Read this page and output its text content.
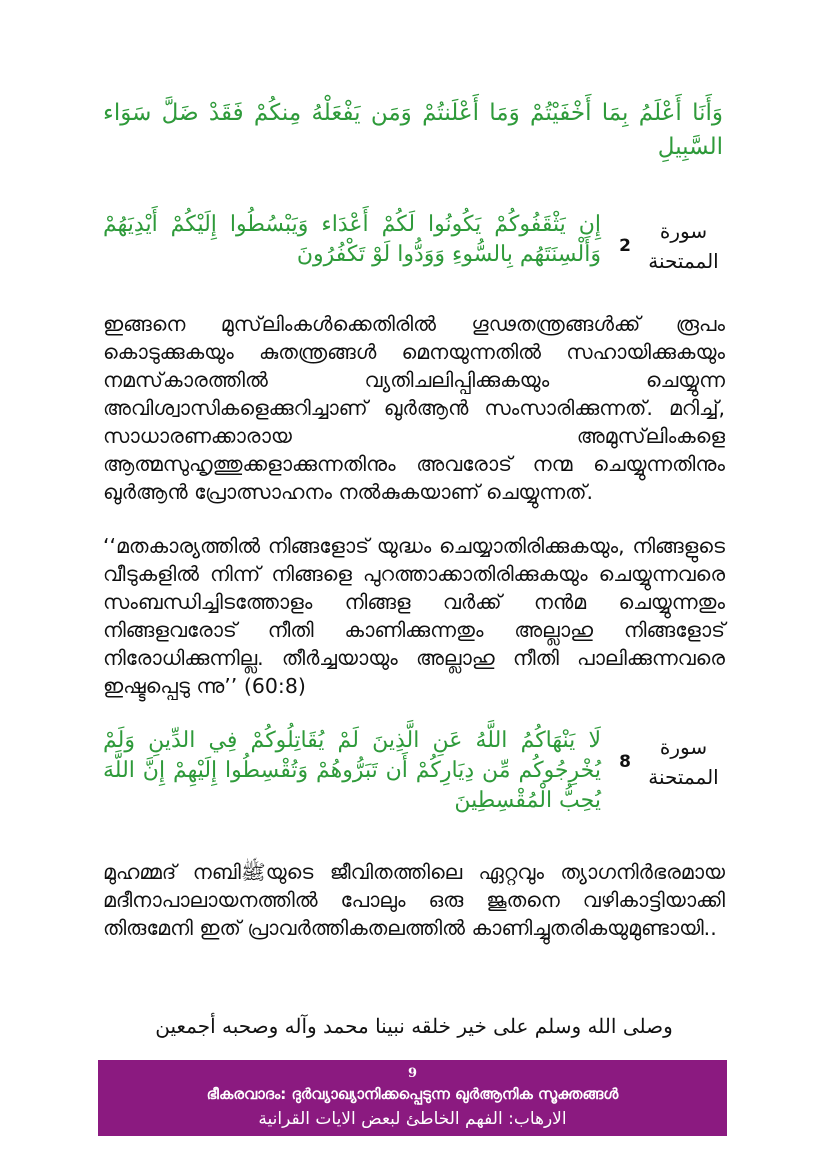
وَأَنَا أَعْلَمُ بِمَا أَخْفَيْتُمْ وَمَا أَعْلَنتُمْ وَمَن يَفْعَلْهُ مِنكُمْ فَقَدْ ضَلَّ سَوَاء السَّبِيلِ
إِن يَثْقَفُوكُمْ يَكُونُوا لَكُمْ أَعْدَاء وَيَبْسُطُوا إِلَيْكُمْ أَيْدِيَهُمْ وَأَلْسِنَتَهُم بِالسُّوءِ وَوَدُّوا لَوْ تَكْفُرُونَ 2
سورة الممتحنة
ഇങ്ങനെ മുസ്‌ലിംകൾക്കെതിരിൽ ഗൂഢതന്ത്രങ്ങൾക്ക് രൂപം കൊടുക്കുകയും കുതന്ത്രങ്ങൾ മെനയുന്നതിൽ സഹായിക്കുകയും നമസ്‌കാരത്തിൽ വ്യതിചലിപ്പിക്കുകയും ചെയ്യുന്ന അവിശ്വാസികളെക്കുറിച്ചാണ് ഖുർആൻ സംസാരിക്കുന്നത്. മറിച്ച്, സാധാരണക്കാരായ അമുസ്‌ലിംകളെ ആത്മസുഹൃത്തുക്കളാക്കുന്നതിനും അവരോട് നന്മ ചെയ്യുന്നതിനും ഖുർആൻ പ്രോത്സാഹനം നൽകുകയാണ് ചെയ്യുന്നത്.
‘‘മതകാര്യത്തിൽ നിങ്ങളോട് യുദ്ധം ചെയ്യാതിരിക്കുകയും, നിങ്ങളുടെ വീടുകളിൽ നിന്ന് നിങ്ങളെ പുറത്താക്കാതിരിക്കുകയും ചെയ്യുന്നവരെ സംബന്ധിച്ചിടത്തോളം നിങ്ങള വർക്ക് നൻമ ചെയ്യുന്നതും നിങ്ങളവരോട് നീതി കാണിക്കുന്നതും അല്ലാഹു നിങ്ങളോട് നിരോധിക്കുന്നില്ല. തീർച്ചയായും അല്ലാഹു നീതി പാലിക്കുന്നവരെ ഇഷ്ടപ്പെടു ന്നു’’ (60:8)
لَا يَنْهَاكُمُ اللَّهُ عَنِ الَّذِينَ لَمْ يُقَاتِلُوكُمْ فِي الدِّينِ وَلَمْ يُخْرِجُوكُم مِّن دِيَارِكُمْ أَن تَبَرُّوهُمْ وَتُقْسِطُوا إِلَيْهِمْ إِنَّ اللَّهَ يُحِبُّ الْمُقْسِطِينَ
8
سورة الممتحنة
മുഹമ്മദ് നബിﷺയുടെ ജീവിതത്തിലെ ഏറ്റവും ത്യാഗനിർഭരമായ മദീനാപാലായനത്തിൽ പോലും ഒരു ജൂതനെ വഴികാട്ടിയാക്കി തിരുമേനി ഇത് പ്രാവർത്തികതലത്തിൽ കാണിച്ചുതരികയുമുണ്ടായി..
وصلى الله وسلم على خير خلقه نبينا محمد وآله وصحبه أجمعين
9
ഭീകരവാദം: ദുർവ്യാഖ്യാനിക്കപ്പെടുന്ന ഖുർആനിക സൂക്തങ്ങൾ
الارهاب: الفهم الخاطئ لبعض الايات القرانية
